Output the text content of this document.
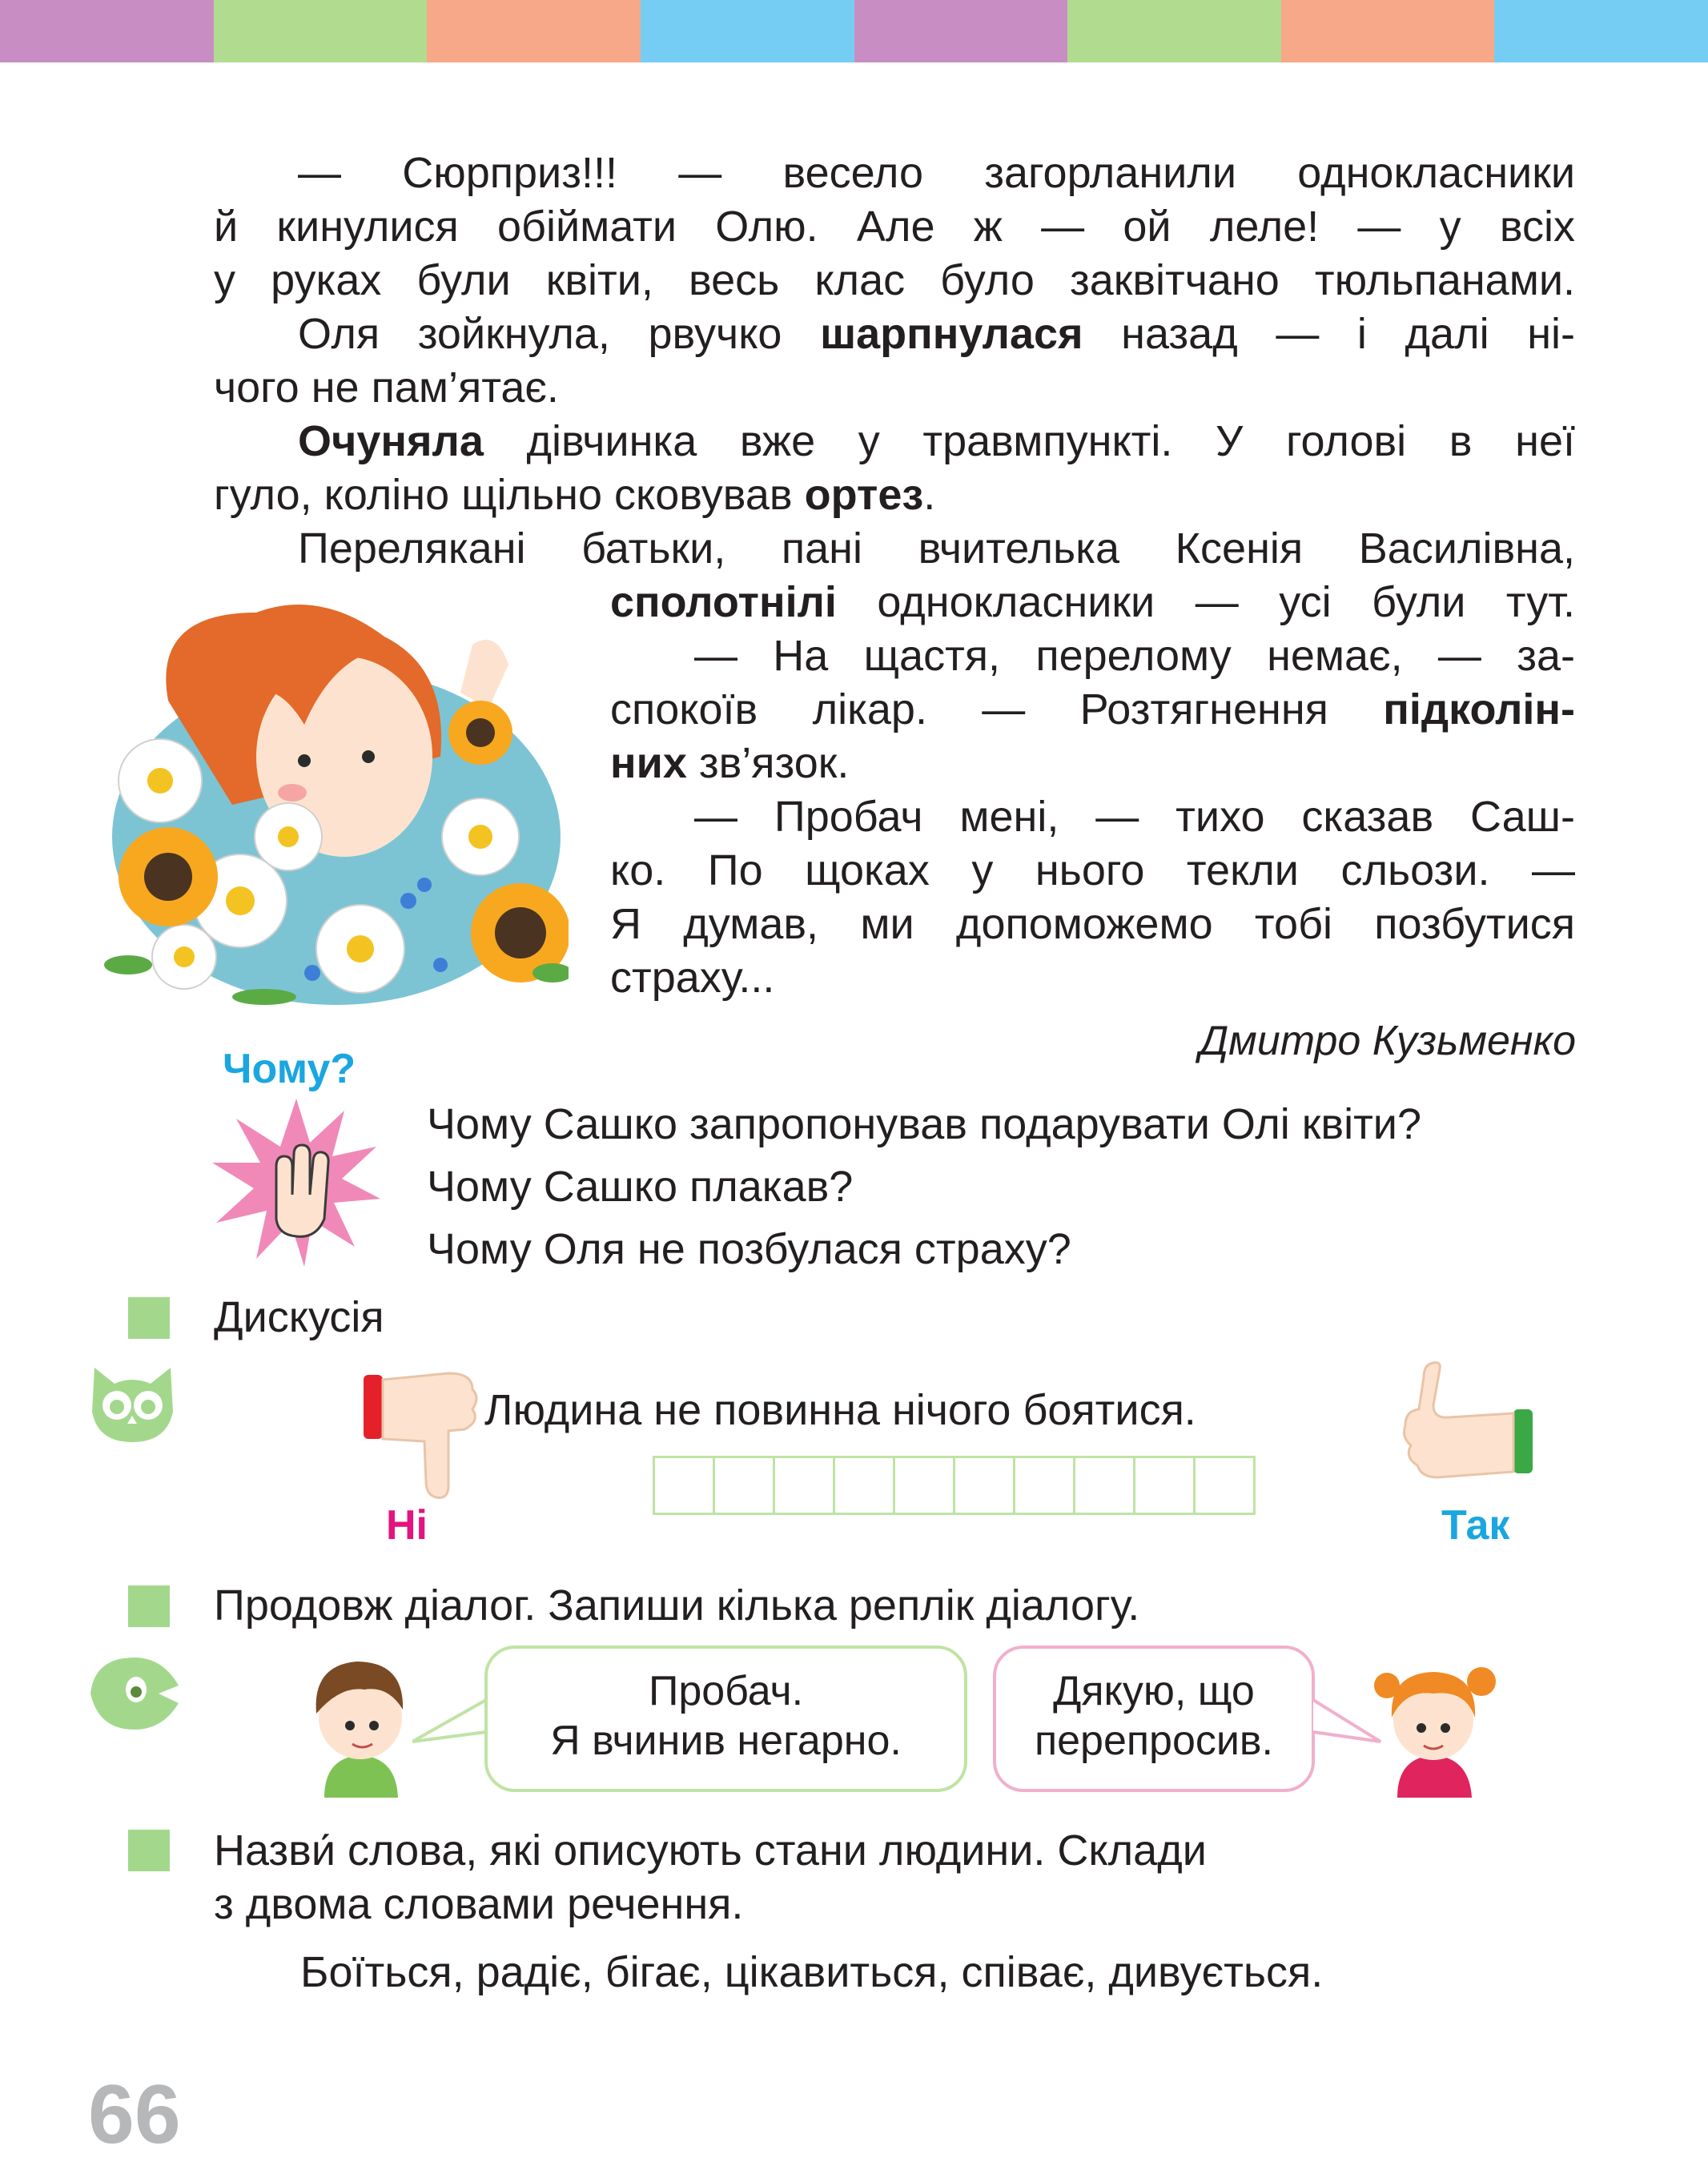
— Сюрприз!!! — весело загорланили однокласники
й кинулися обіймати Олю. Але ж — ой леле! — у всіх
у руках були квіти, весь клас було заквітчано тюльпанами.
Оля зойкнула, рвучко шарпнулася назад — і далі ні-
чого не пам’ятає.
Очуняла дівчинка вже у травмпункті. У голові в неї
гуло, коліно щільно сковував ортез.
Перелякані батьки, пані вчителька Ксенія Василівна,
сполотнілі однокласники — усі були тут.
— На щастя, перелому немає, — за-
спокоїв лікар. — Розтягнення підколін-
них зв’язок.
— Пробач мені, — тихо сказав Саш-
ко. По щоках у нього текли сльози. —
Я думав, ми допоможемо тобі позбутися
страху...
Дмитро Кузьменко
Чому?
Чому Сашко запропонував подарувати Олі квіти?
Чому Сашко плакав?
Чому Оля не позбулася страху?
Дискусія
Людина не повинна нічого боятися.
Ні	Так
Продовж діалог. Запиши кілька реплік діалогу.
Пробач.
Я вчинив негарно.
Дякую, що
перепросив.
Назви́ слова, які описують стани людини. Склади
з двома словами речення.
Боїться, радіє, бігає, цікавиться, співає, дивується.
66
